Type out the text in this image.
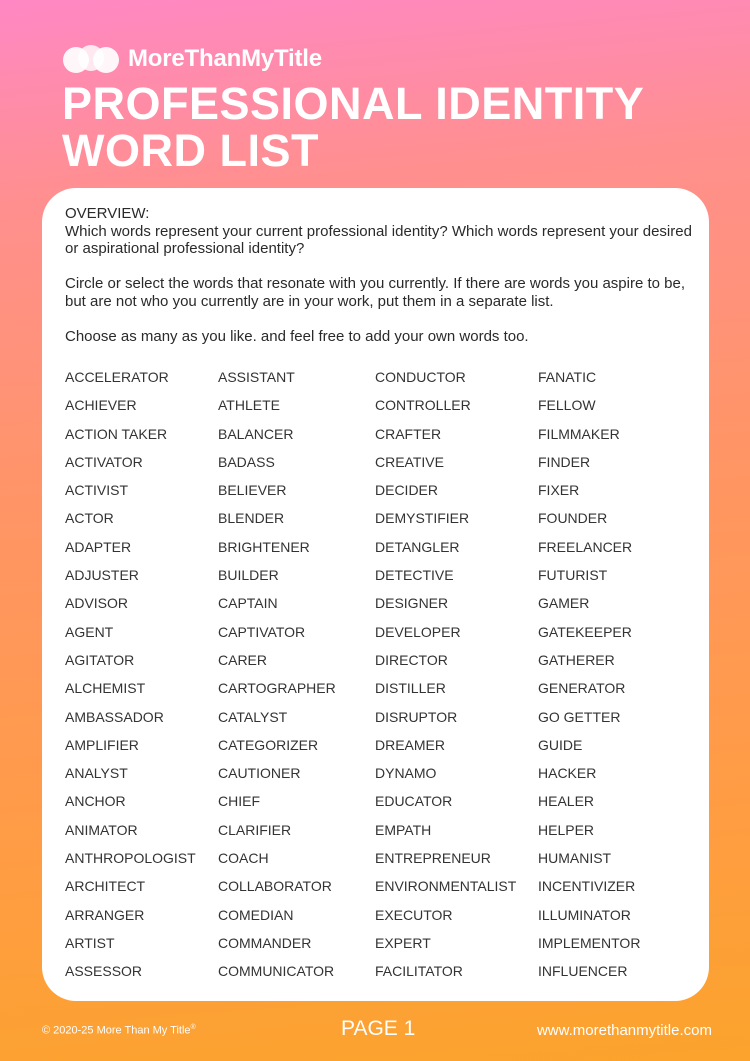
MoreThanMyTitle
PROFESSIONAL IDENTITY
WORD LIST

OVERVIEW:

Which words represent your current professional identity? Which words represent your desired or aspirational professional identity?

Circle or select the words that resonate with you currently. If there are words you aspire to be, but are not who you currently are in your work, put them in a separate list.

Choose as many as you like. and feel free to add your own words too.

ACCELERATOR
ACHIEVER
ACTION TAKER
ACTIVATOR
ACTIVIST
ACTOR
ADAPTER
ADJUSTER
ADVISOR
AGENT
AGITATOR
ALCHEMIST
AMBASSADOR
AMPLIFIER
ANALYST
ANCHOR
ANIMATOR
ANTHROPOLOGIST
ARCHITECT
ARRANGER
ARTIST
ASSESSOR
ASSISTANT
ATHLETE
BALANCER
BADASS
BELIEVER
BLENDER
BRIGHTENER
BUILDER
CAPTAIN
CAPTIVATOR
CARER
CARTOGRAPHER
CATALYST
CATEGORIZER
CAUTIONER
CHIEF
CLARIFIER
COACH
COLLABORATOR
COMEDIAN
COMMANDER
COMMUNICATOR
CONDUCTOR
CONTROLLER
CRAFTER
CREATIVE
DECIDER
DEMYSTIFIER
DETANGLER
DETECTIVE
DESIGNER
DEVELOPER
DIRECTOR
DISTILLER
DISRUPTOR
DREAMER
DYNAMO
EDUCATOR
EMPATH
ENTREPRENEUR
ENVIRONMENTALIST
EXECUTOR
EXPERT
FACILITATOR
FANATIC
FELLOW
FILMMAKER
FINDER
FIXER
FOUNDER
FREELANCER
FUTURIST
GAMER
GATEKEEPER
GATHERER
GENERATOR
GO GETTER
GUIDE
HACKER
HEALER
HELPER
HUMANIST
INCENTIVIZER
ILLUMINATOR
IMPLEMENTOR
INFLUENCER
© 2020-25 More Than My Title®	PAGE 1	www.morethanmytitle.com
